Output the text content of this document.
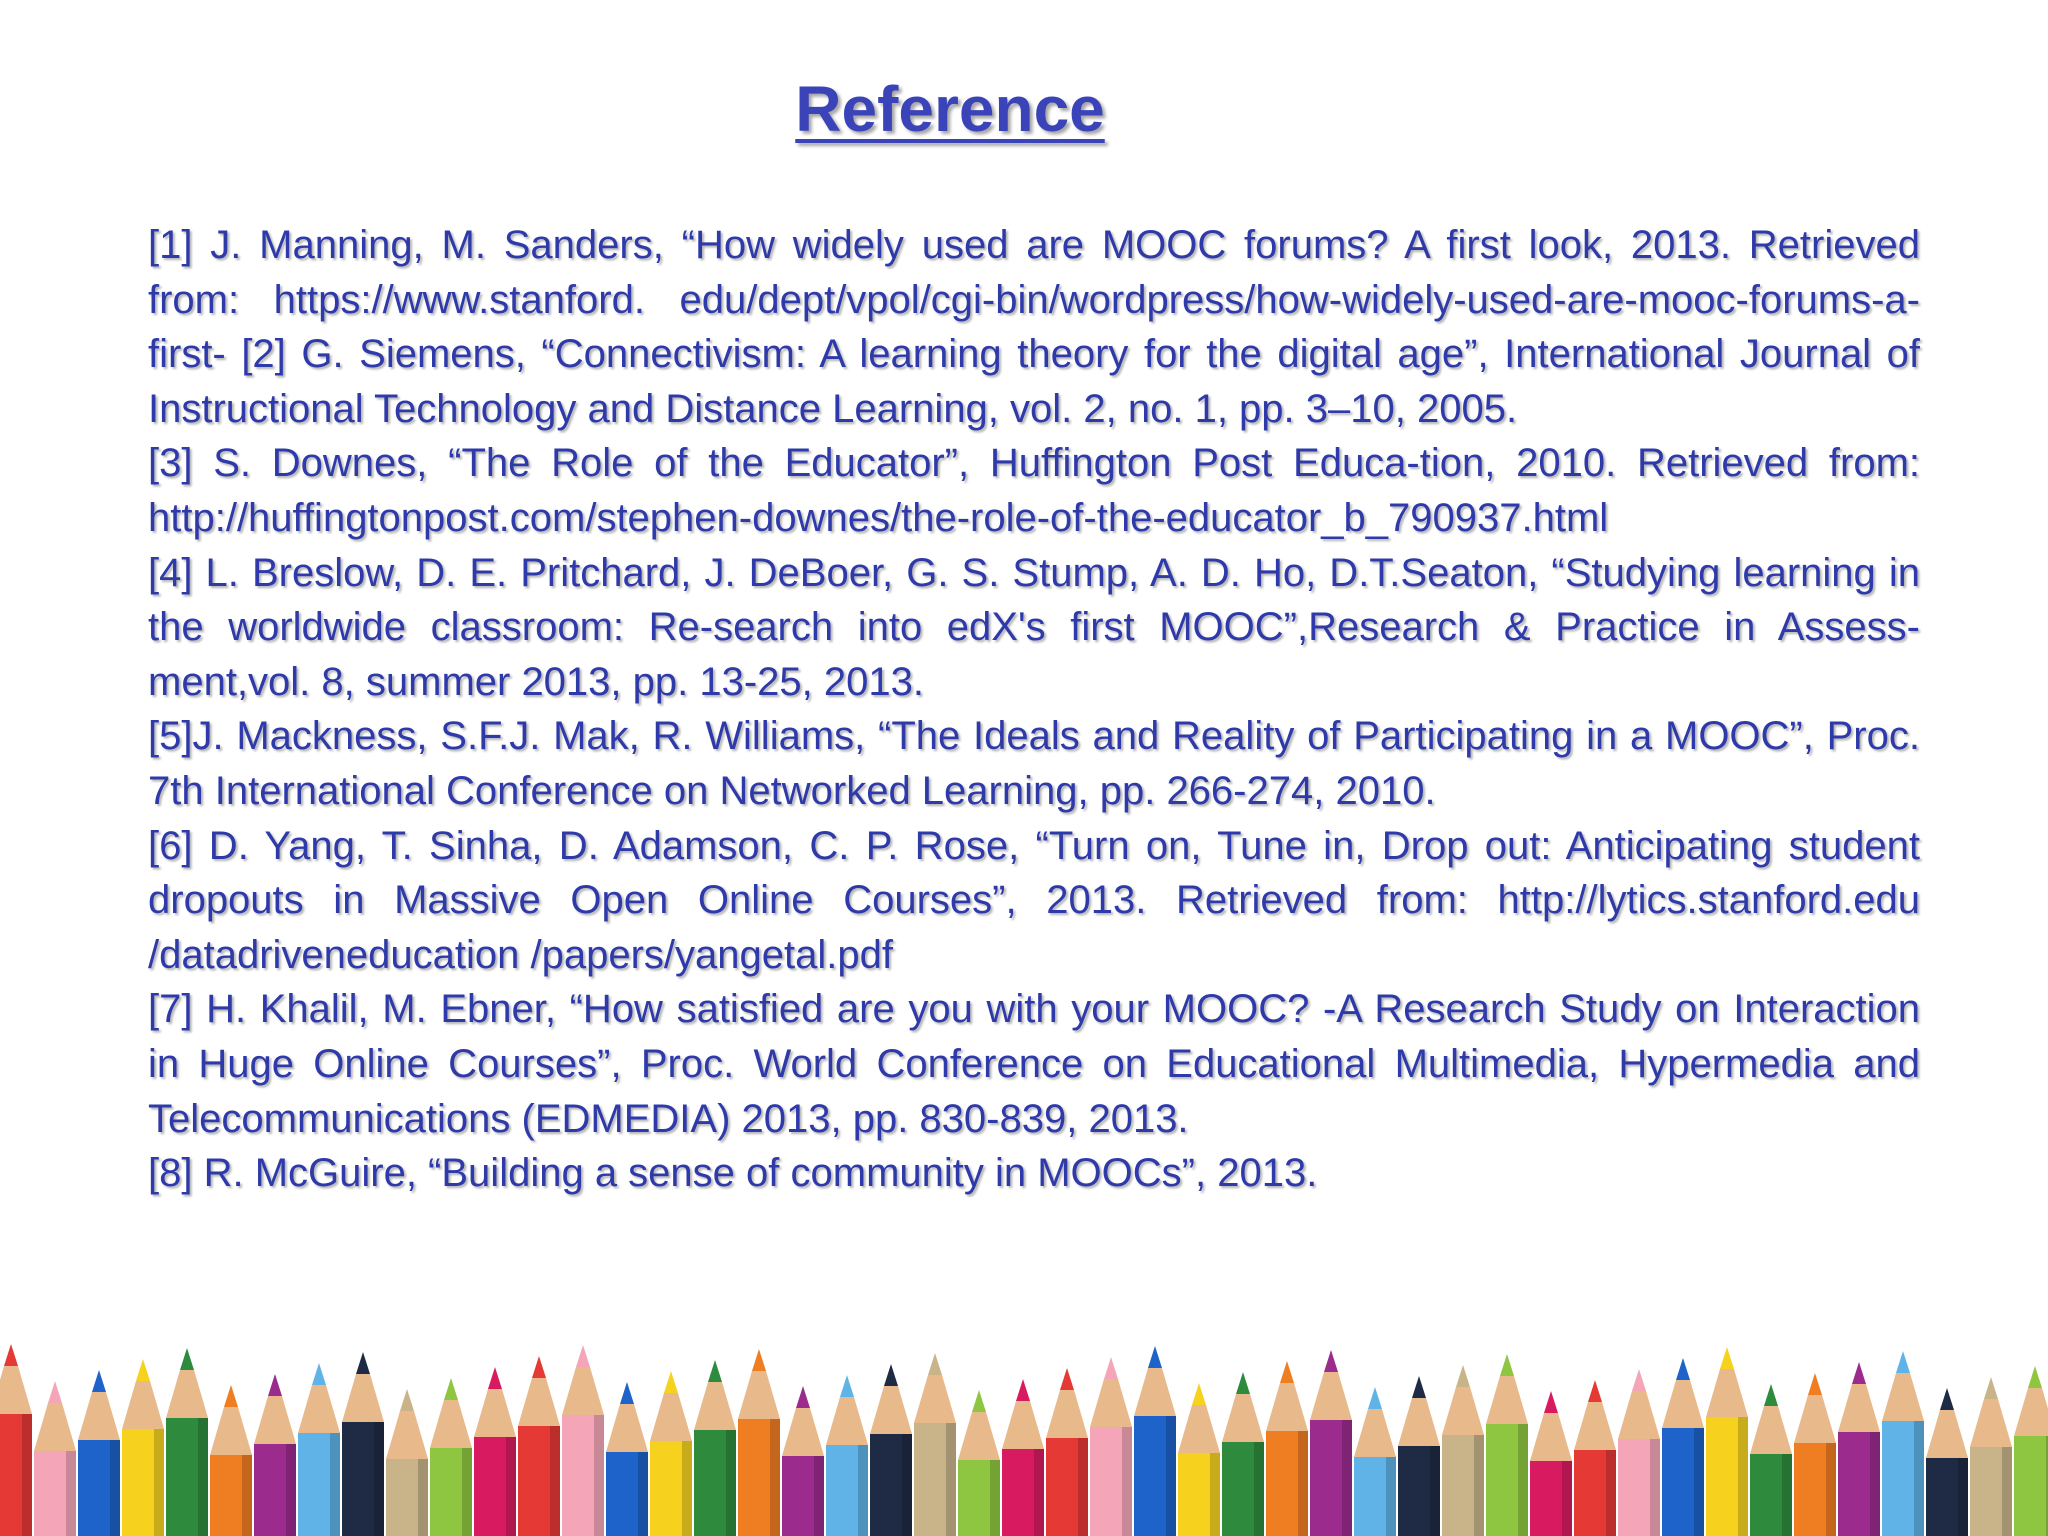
Reference

[1] J. Manning, M. Sanders, “How widely used are MOOC forums? A first look, 2013. Retrieved from: https://www.stanford. edu/dept/vpol/cgi-bin/wordpress/how-widely-used-are-mooc-forums-a-first- [2] G. Siemens, “Connectivism: A learning theory for the digital age”, International Journal of Instructional Technology and Distance Learning, vol. 2, no. 1, pp. 3–10, 2005.

[3] S. Downes, “The Role of the Educator”, Huffington Post Educa-tion, 2010. Retrieved from: http://huffingtonpost.com/stephen-downes/the-role-of-the-educator_b_790937.html

[4] L. Breslow, D. E. Pritchard, J. DeBoer, G. S. Stump, A. D. Ho, D.T.Seaton, “Studying learning in the worldwide classroom: Re-search into edX's first MOOC”,Research & Practice in Assess-ment,vol. 8, summer 2013, pp. 13-25, 2013.

[5]J. Mackness, S.F.J. Mak, R. Williams, “The Ideals and Reality of Participating in a MOOC”, Proc. 7th International Conference on Networked Learning, pp. 266-274, 2010.

[6] D. Yang, T. Sinha, D. Adamson, C. P. Rose, “Turn on, Tune in, Drop out: Anticipating student dropouts in Massive Open Online Courses”, 2013. Retrieved from: http://lytics.stanford.edu /datadriveneducation /papers/yangetal.pdf

[7] H. Khalil, M. Ebner, “How satisfied are you with your MOOC? -A Research Study on Interaction in Huge Online Courses”, Proc. World Conference on Educational Multimedia, Hypermedia and Telecommunications (EDMEDIA) 2013, pp. 830-839, 2013.

[8] R. McGuire, “Building a sense of community in MOOCs”, 2013.
